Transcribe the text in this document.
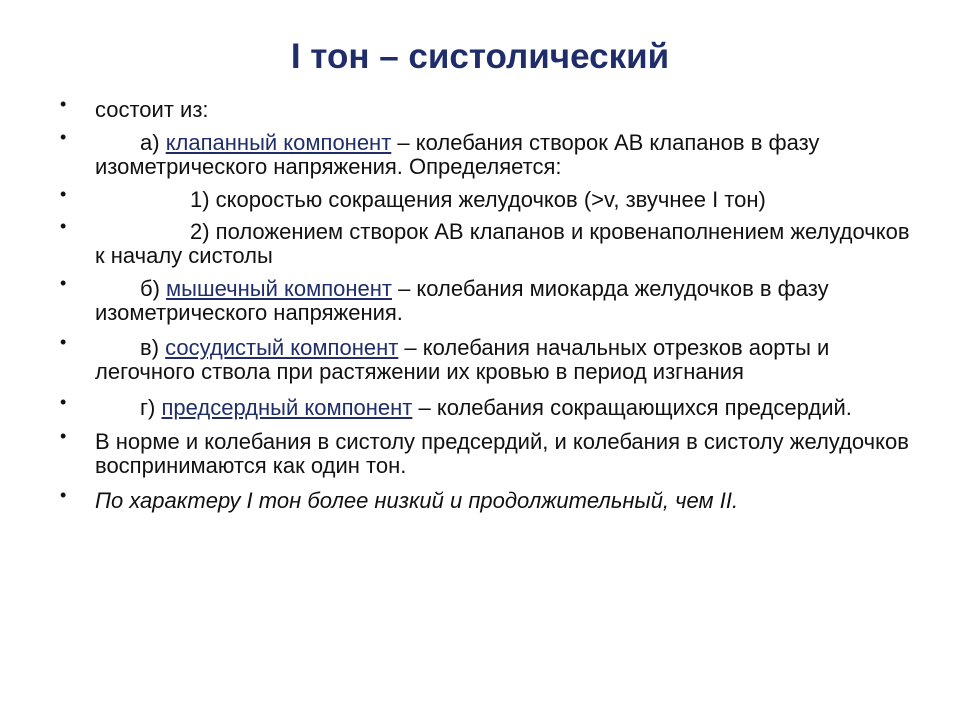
I тон – систолический
• состоит из:
•	а) клапанный компонент – колебания створок АВ клапанов в фазу изометрического напряжения. Определяется:
•	1) скоростью сокращения желудочков (>v, звучнее I тон)
•	2) положением створок АВ клапанов и кровенаполнением желудочков к началу систолы
•	б) мышечный компонент – колебания миокарда желудочков в фазу изометрического напряжения.
•	в) сосудистый компонент – колебания начальных отрезков аорты и легочного ствола при растяжении их кровью в период изгнания
•	г) предсердный компонент – колебания сокращающихся предсердий.
• В норме и колебания в систолу предсердий, и колебания в систолу желудочков воспринимаются как один тон.
• По характеру I тон более низкий и продолжительный, чем II.
